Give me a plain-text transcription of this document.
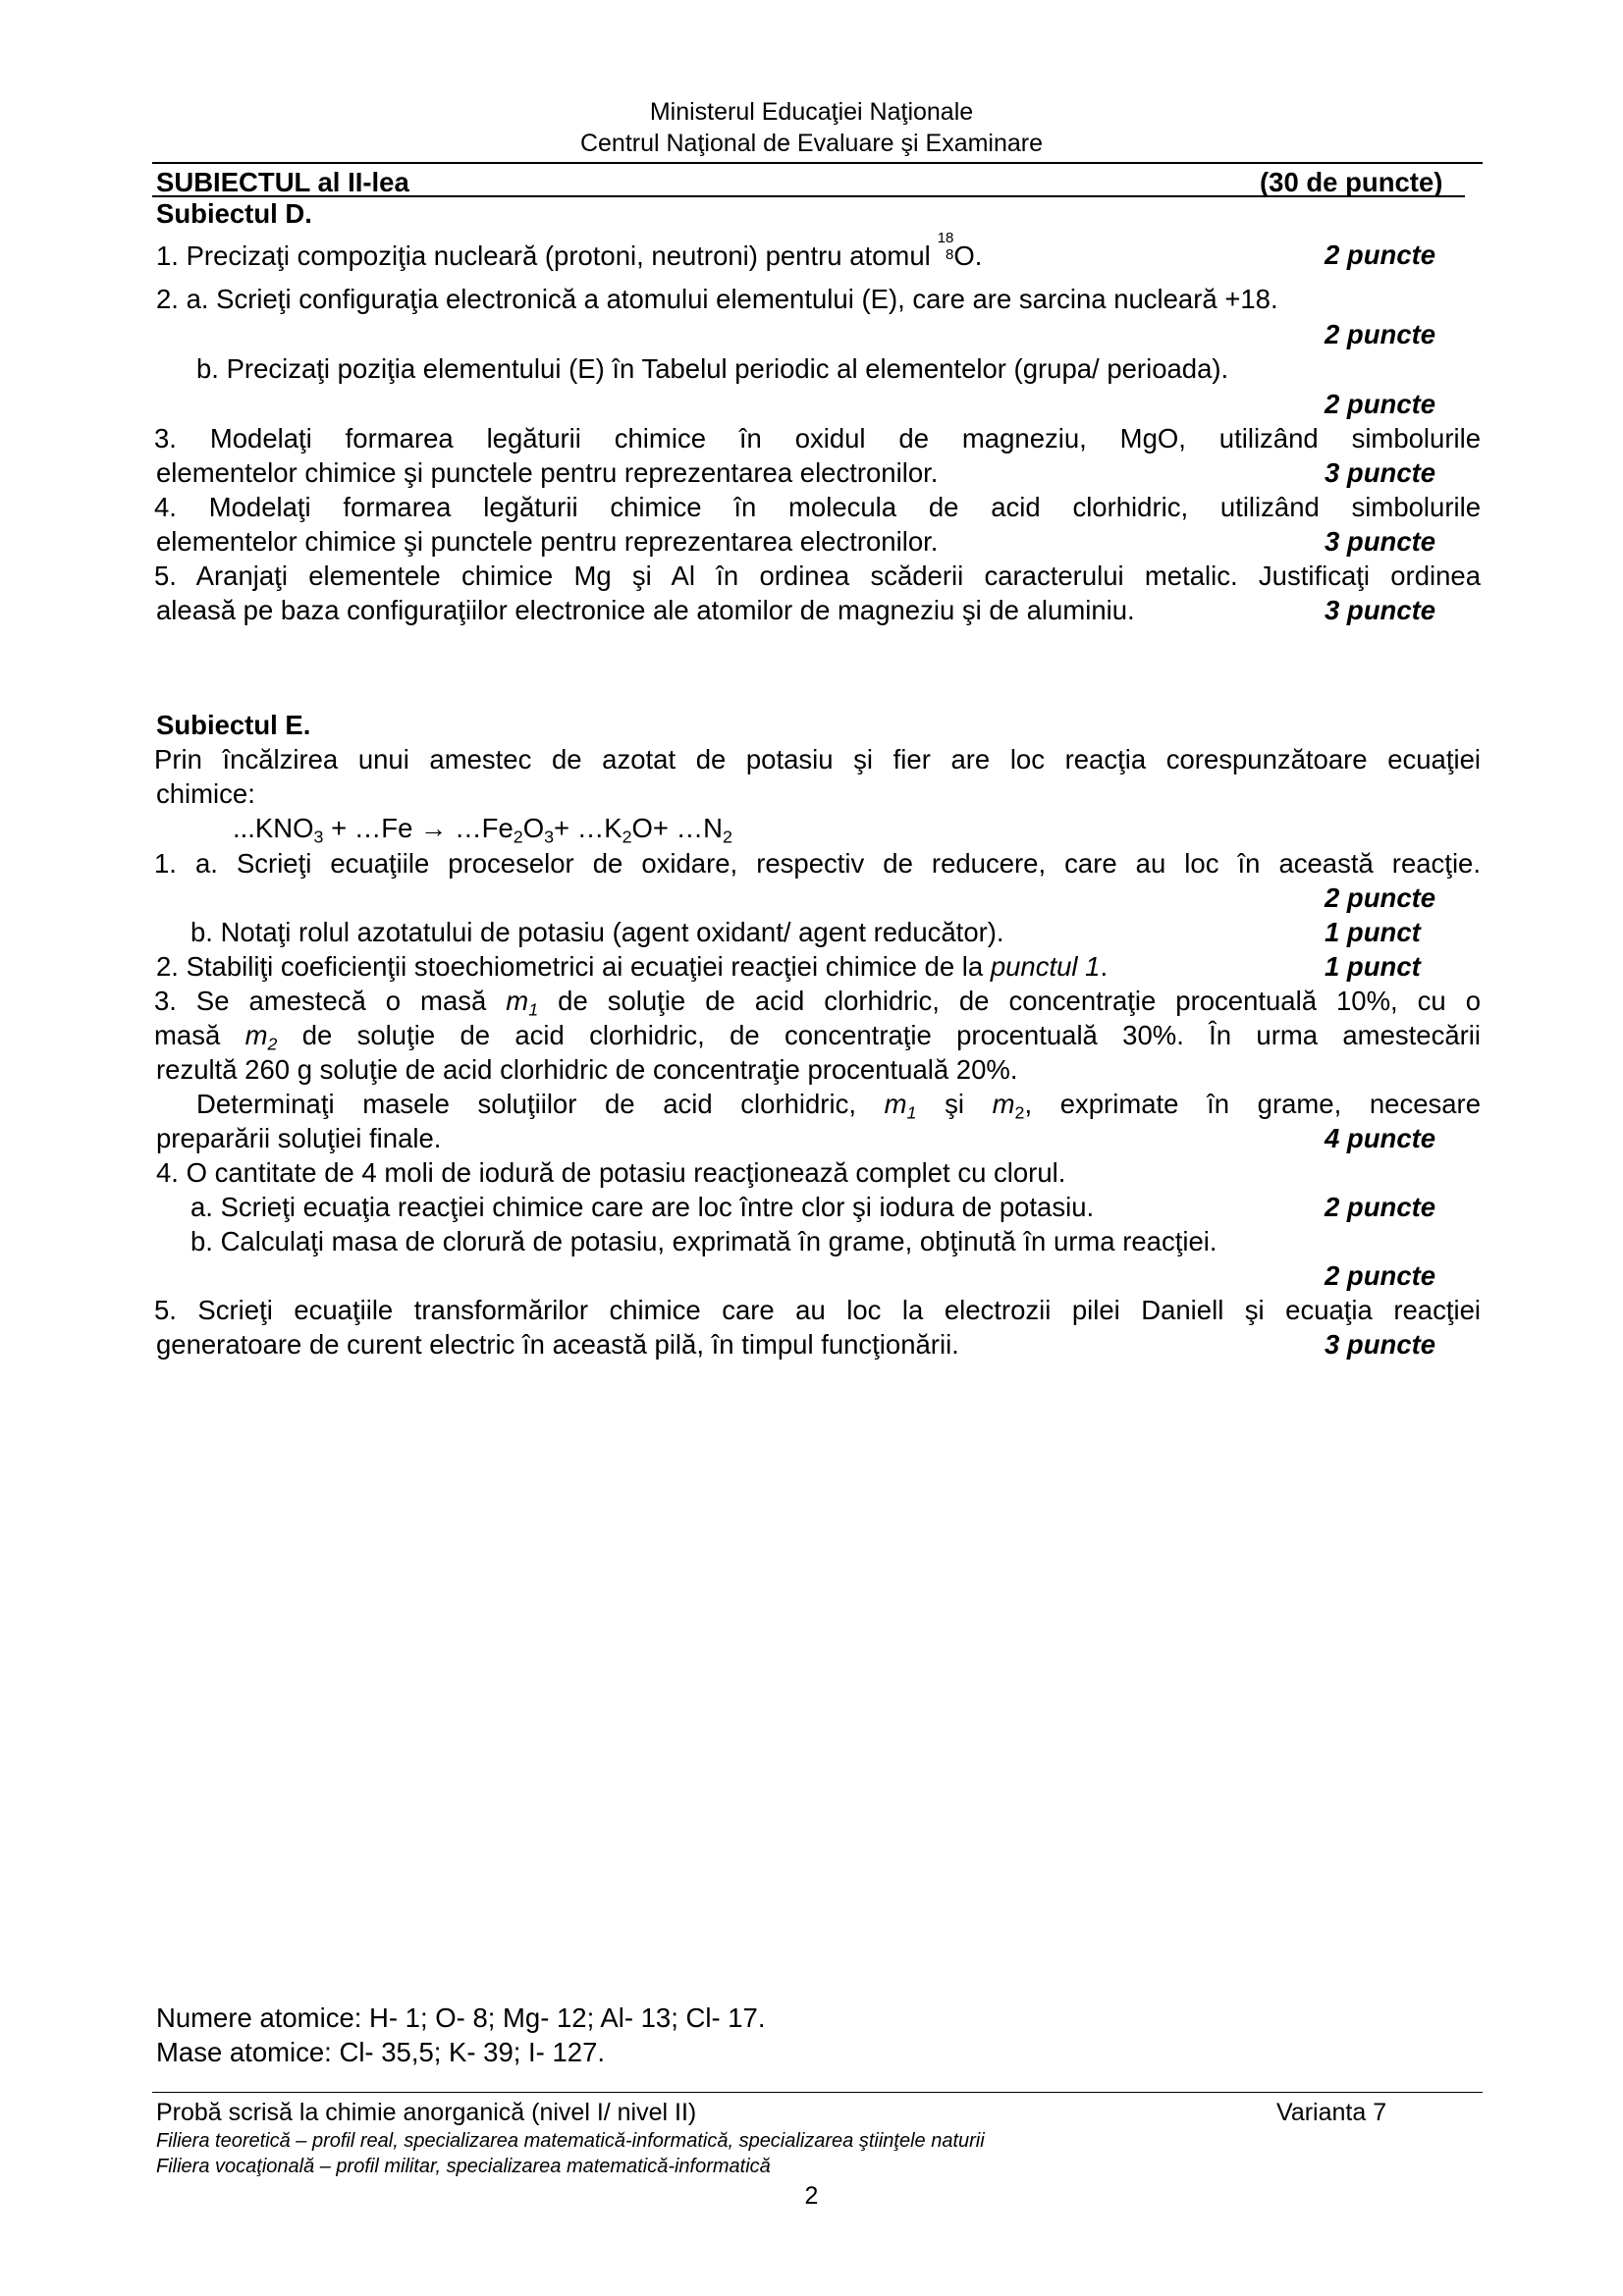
Ministerul Educaţiei Naţionale
Centrul Naţional de Evaluare şi Examinare
SUBIECTUL al II-lea	(30 de puncte)
Subiectul D.
1. Precizaţi compoziţia nucleară (protoni, neutroni) pentru atomul
18
8 O.	2 puncte
2. a. Scrieţi configuraţia electronică a atomului elementului (E), care are sarcina nucleară +18.
2 puncte
b. Precizaţi poziţia elementului (E) în Tabelul periodic al elementelor (grupa/ perioada).
2 puncte
3. Modelaţi formarea legăturii chimice în oxidul de magneziu, MgO, utilizând simbolurile
elementelor chimice şi punctele pentru reprezentarea electronilor.	3 puncte
4. Modelaţi formarea legăturii chimice în molecula de acid clorhidric, utilizând simbolurile
elementelor chimice şi punctele pentru reprezentarea electronilor.	3 puncte
5. Aranjaţi elementele chimice Mg şi Al în ordinea scăderii caracterului metalic. Justificaţi ordinea
aleasă pe baza configuraţiilor electronice ale atomilor de magneziu şi de aluminiu.	3 puncte
Subiectul E.
Prin încălzirea unui amestec de azotat de potasiu şi fier are loc reacţia corespunzătoare ecuaţiei
chimice:
$...KNO_3$ + …Fe → $\dots Fe_2O_3+$ $\dots K_2O+$ $\dots N_2$
1. a. Scrieţi ecuaţiile proceselor de oxidare, respectiv de reducere, care au loc în această reacţie.
2 puncte
b. Notaţi rolul azotatului de potasiu (agent oxidant/ agent reducător).	1 punct
2. Stabiliţi coeficienţii stoechiometrici ai ecuaţiei reacţiei chimice de la punctul 1.	1 punct
3. Se amestecă o masă $m_1$ de soluţie de acid clorhidric, de concentraţie procentuală 10%, cu o
masă $m_2$ de soluţie de acid clorhidric, de concentraţie procentuală 30%. În urma amestecării
rezultă 260 g soluţie de acid clorhidric de concentraţie procentuală 20%.
Determinaţi masele soluţiilor de acid clorhidric, $m_1$ şi $m_2$, exprimate în grame, necesare
preparării soluţiei finale.	4 puncte
4. O cantitate de 4 moli de iodură de potasiu reacţionează complet cu clorul.
a. Scrieţi ecuaţia reacţiei chimice care are loc între clor şi iodura de potasiu.	2 puncte
b. Calculaţi masa de clorură de potasiu, exprimată în grame, obţinută în urma reacţiei.
2 puncte
5. Scrieţi ecuaţiile transformărilor chimice care au loc la electrozii pilei Daniell şi ecuaţia reacţiei
generatoare de curent electric în această pilă, în timpul funcţionării.	3 puncte
Numere atomice: H- 1; O- 8; Mg- 12; Al- 13; Cl- 17.
Mase atomice: Cl- 35,5; K- 39; I- 127.
Probă scrisă la chimie anorganică (nivel I/ nivel II)	Varianta 7
Filiera teoretică – profil real, specializarea matematică-informatică, specializarea ştiinţele naturii
Filiera vocaţională – profil militar, specializarea matematică-informatică
2
